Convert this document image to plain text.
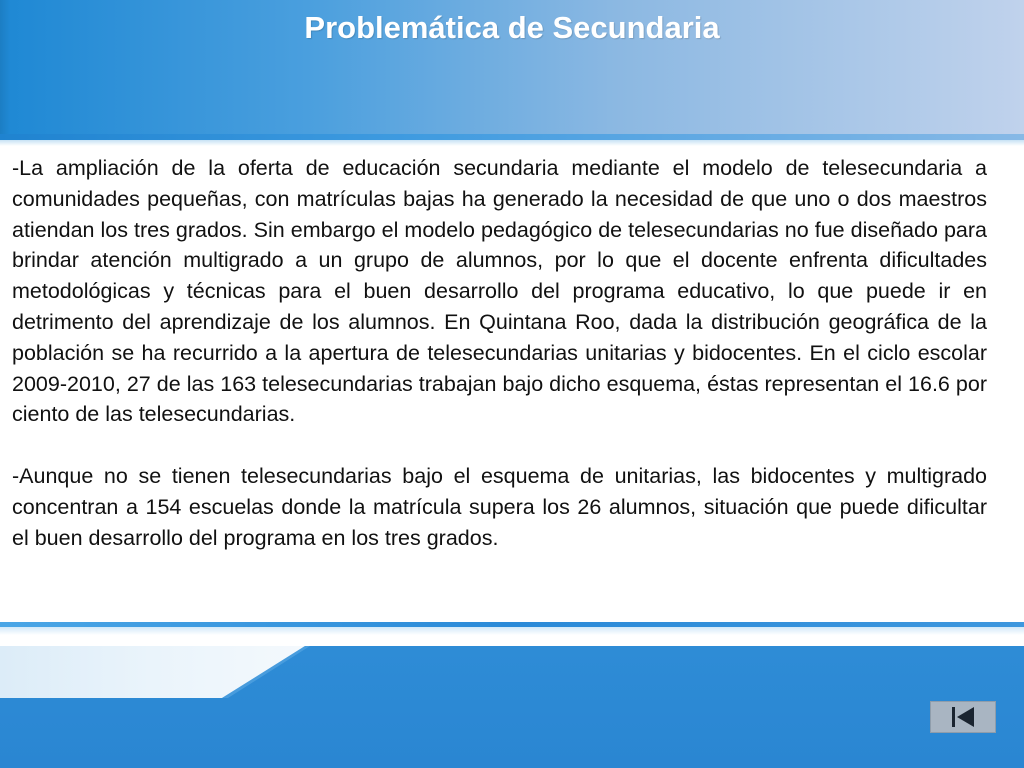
Problemática de Secundaria

-La ampliación de la oferta de educación secundaria mediante el modelo de telesecundaria a comunidades pequeñas, con matrículas bajas ha generado la necesidad de que uno o dos maestros atiendan los tres grados. Sin embargo el modelo pedagógico de telesecundarias no fue diseñado para brindar atención multigrado a un grupo de alumnos, por lo que el docente enfrenta dificultades metodológicas y técnicas para el buen desarrollo del programa educativo, lo que puede ir en detrimento del aprendizaje de los alumnos. En Quintana Roo, dada la distribución geográfica de la población se ha recurrido a la apertura de telesecundarias unitarias y bidocentes. En el ciclo escolar 2009-2010, 27 de las 163 telesecundarias trabajan bajo dicho esquema, éstas representan el 16.6 por ciento de las telesecundarias.

-Aunque no se tienen telesecundarias bajo el esquema de unitarias, las bidocentes y multigrado concentran a 154 escuelas donde la matrícula supera los 26 alumnos, situación que puede dificultar el buen desarrollo del programa en los tres grados.
